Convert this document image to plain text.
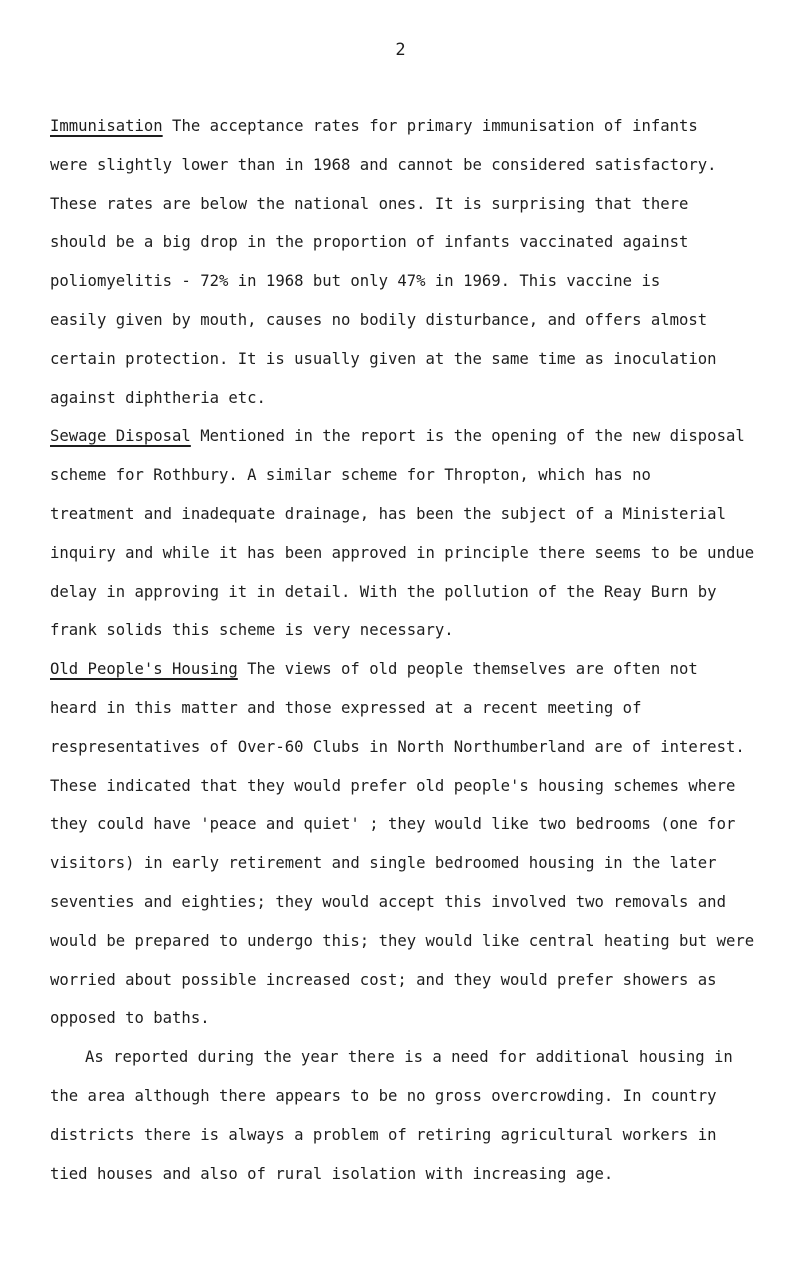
2
Immunisation The acceptance rates for primary immunisation of infants
were slightly lower than in 1968 and cannot be considered satisfactory.
These rates are below the national ones. It is surprising that there
should be a big drop in the proportion of infants vaccinated against
poliomyelitis - 72% in 1968 but only 47% in 1969. This vaccine is
easily given by mouth, causes no bodily disturbance, and offers almost
certain protection. It is usually given at the same time as inoculation
against diphtheria etc.
Sewage Disposal Mentioned in the report is the opening of the new disposal
scheme for Rothbury. A similar scheme for Thropton, which has no
treatment and inadequate drainage, has been the subject of a Ministerial
inquiry and while it has been approved in principle there seems to be undue
delay in approving it in detail. With the pollution of the Reay Burn by
frank solids this scheme is very necessary.
Old People's Housing The views of old people themselves are often not
heard in this matter and those expressed at a recent meeting of
respresentatives of Over-60 Clubs in North Northumberland are of interest.
These indicated that they would prefer old people's housing schemes where
they could have 'peace and quiet' ; they would like two bedrooms (one for
visitors) in early retirement and single bedroomed housing in the later
seventies and eighties; they would accept this involved two removals and
would be prepared to undergo this; they would like central heating but were
worried about possible increased cost; and they would prefer showers as
opposed to baths.
As reported during the year there is a need for additional housing in
the area although there appears to be no gross overcrowding. In country
districts there is always a problem of retiring agricultural workers in
tied houses and also of rural isolation with increasing age.
